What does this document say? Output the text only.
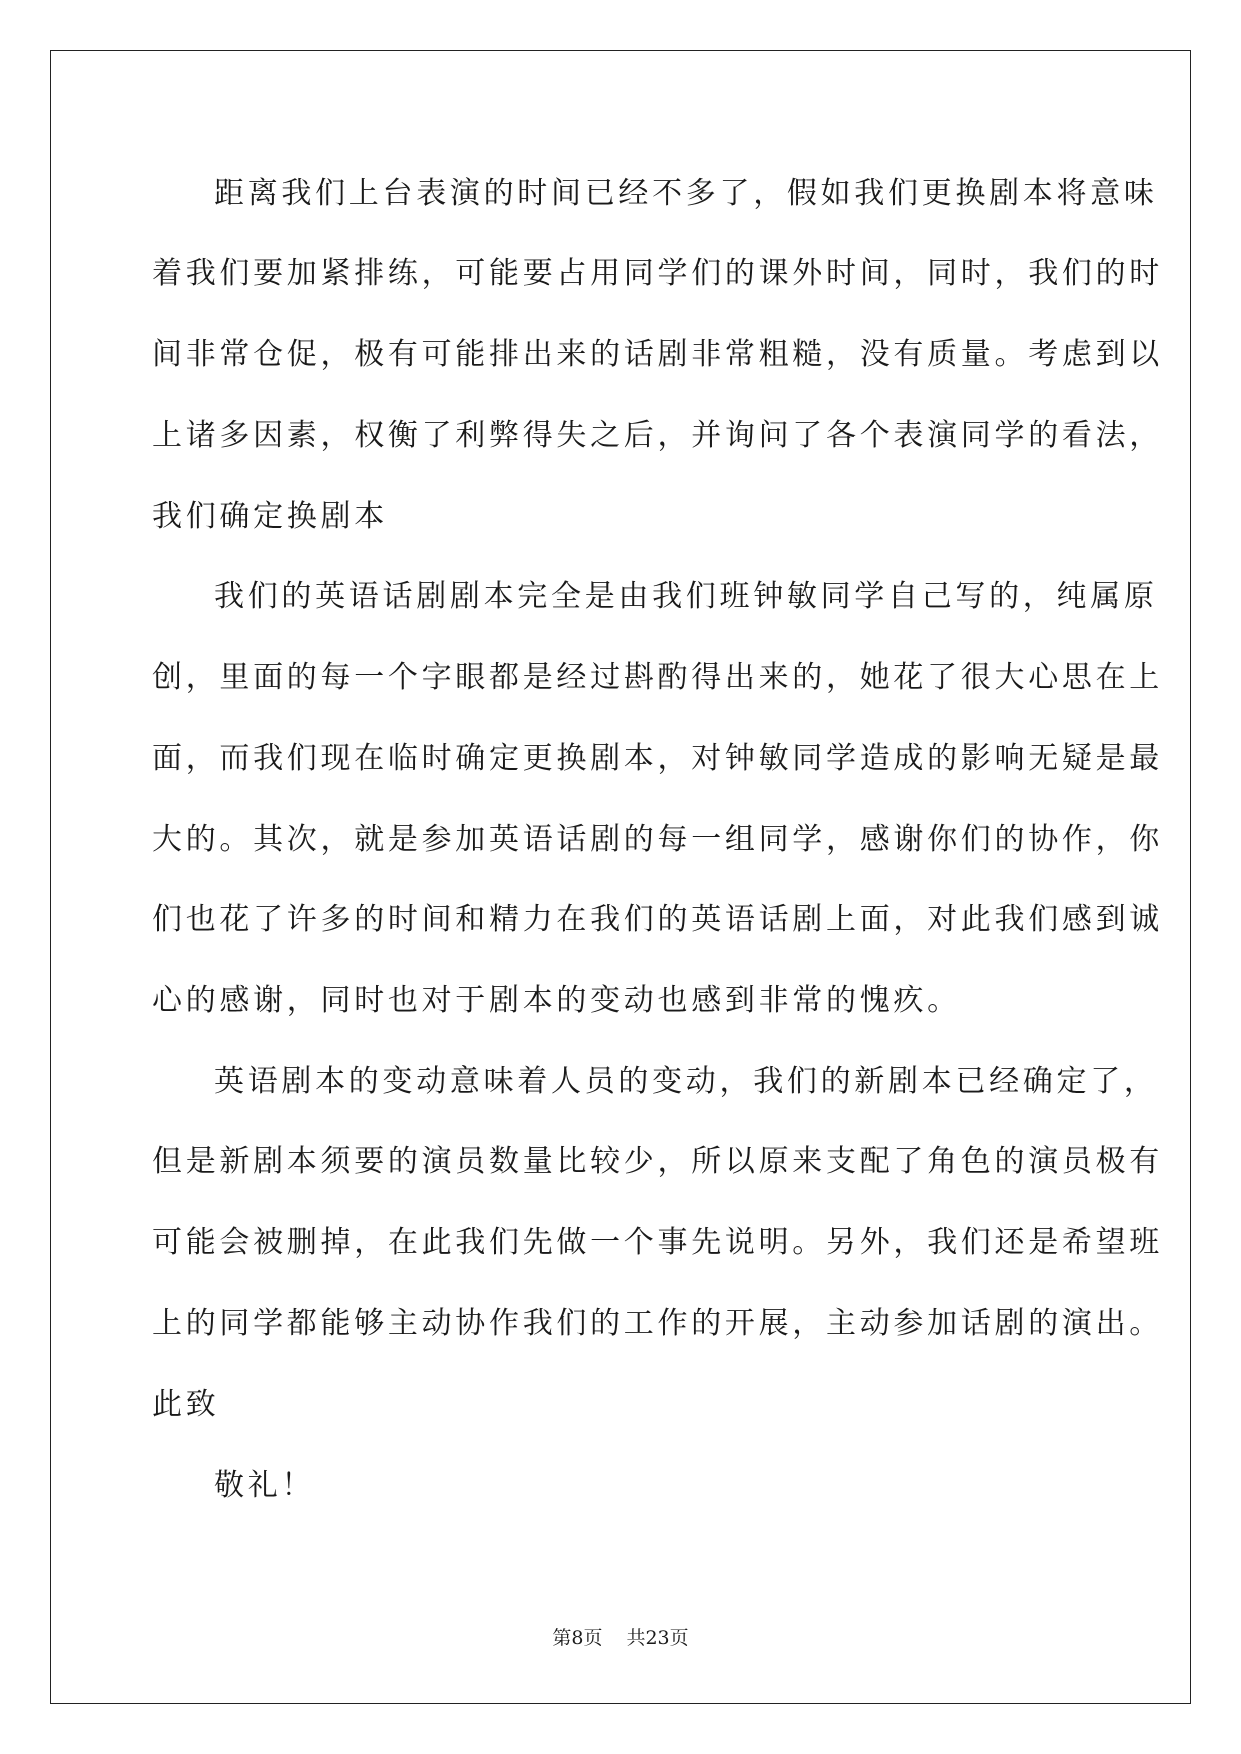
距离我们上台表演的时间已经不多了，假如我们更换剧本将意味
着我们要加紧排练，可能要占用同学们的课外时间，同时，我们的时
间非常仓促，极有可能排出来的话剧非常粗糙，没有质量。考虑到以
上诸多因素，权衡了利弊得失之后，并询问了各个表演同学的看法，
我们确定换剧本
我们的英语话剧剧本完全是由我们班钟敏同学自己写的，纯属原
创，里面的每一个字眼都是经过斟酌得出来的，她花了很大心思在上
面，而我们现在临时确定更换剧本，对钟敏同学造成的影响无疑是最
大的。其次，就是参加英语话剧的每一组同学，感谢你们的协作，你
们也花了许多的时间和精力在我们的英语话剧上面，对此我们感到诚
心的感谢，同时也对于剧本的变动也感到非常的愧疚。
英语剧本的变动意味着人员的变动，我们的新剧本已经确定了，
但是新剧本须要的演员数量比较少，所以原来支配了角色的演员极有
可能会被删掉，在此我们先做一个事先说明。另外，我们还是希望班
上的同学都能够主动协作我们的工作的开展，主动参加话剧的演出。
此致
敬礼！
第8页 共23页
